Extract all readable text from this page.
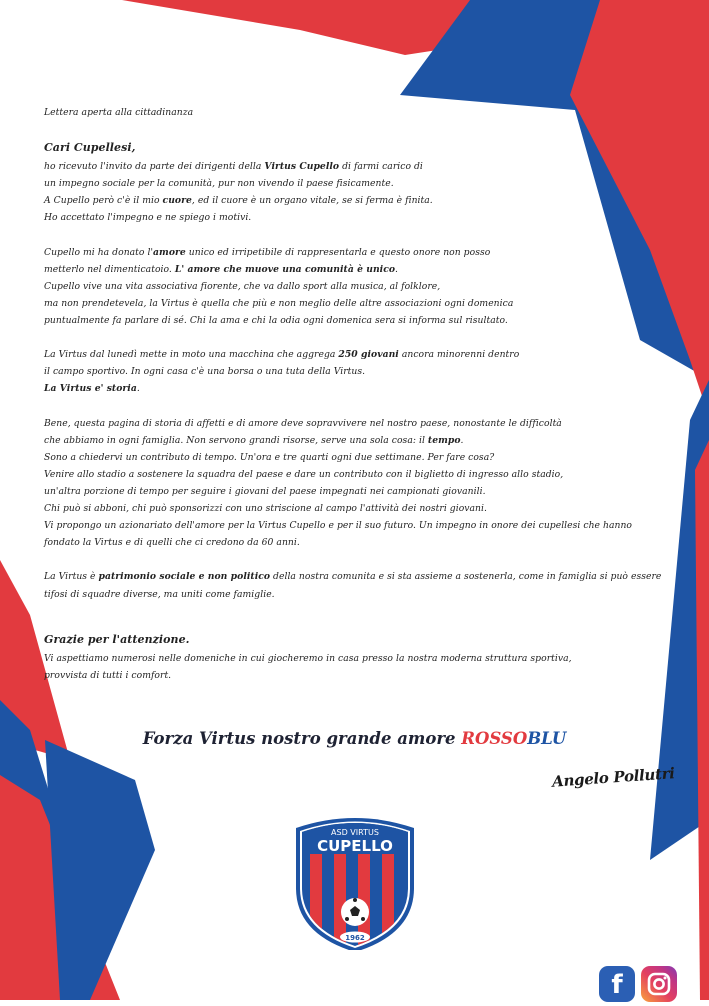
Lettera aperta alla cittadinanza
Cari Cupellesi,
ho ricevuto l'invito da parte dei dirigenti della Virtus Cupello di farmi carico di
un impegno sociale per la comunità, pur non vivendo il paese fisicamente.
A Cupello però c'è il mio cuore, ed il cuore è un organo vitale, se si ferma è finita.
Ho accettato l'impegno e ne spiego i motivi.
Cupello mi ha donato l'amore unico ed irripetibile di rappresentarla e questo onore non posso
metterlo nel dimenticatoio. L' amore che muove una comunità è unico.
Cupello vive una vita associativa fiorente, che va dallo sport alla musica, al folklore,
ma non prendetevela, la Virtus è quella che più e non meglio delle altre associazioni ogni domenica
puntualmente fa parlare di sé. Chi la ama e chi la odia ogni domenica sera si informa sul risultato.
La Virtus dal lunedì mette in moto una macchina che aggrega 250 giovani ancora minorenni dentro
il campo sportivo. In ogni casa c'è una borsa o una tuta della Virtus.
La Virtus e' storia.
Bene, questa pagina di storia di affetti e di amore deve sopravvivere nel nostro paese, nonostante le difficoltà
che abbiamo in ogni famiglia. Non servono grandi risorse, serve una sola cosa: il tempo.
Sono a chiedervi un contributo di tempo. Un'ora e tre quarti ogni due settimane. Per fare cosa?
Venire allo stadio a sostenere la squadra del paese e dare un contributo con il biglietto di ingresso allo stadio,
un'altra porzione di tempo per seguire i giovani del paese impegnati nei campionati giovanili.
Chi può si abboni, chi può sponsorizzi con uno striscione al campo l'attività dei nostri giovani.
Vi propongo un azionariato dell'amore per la Virtus Cupello e per il suo futuro. Un impegno in onore dei cupellesi che hanno
fondato la Virtus e di quelli che ci credono da 60 anni.
La Virtus è patrimonio sociale e non politico della nostra comunita e si sta assieme a sostenerla, come in famiglia si può essere
tifosi di squadre diverse, ma uniti come famiglie.
Grazie per l'attenzione.
Vi aspettiamo numerosi nelle domeniche in cui giocheremo in casa presso la nostra moderna struttura sportiva,
provvista di tutti i comfort.
Forza Virtus nostro grande amore ROSSOBLU
Angelo Pollutri
ASD VIRTUS
CUPELLO
1962
f
